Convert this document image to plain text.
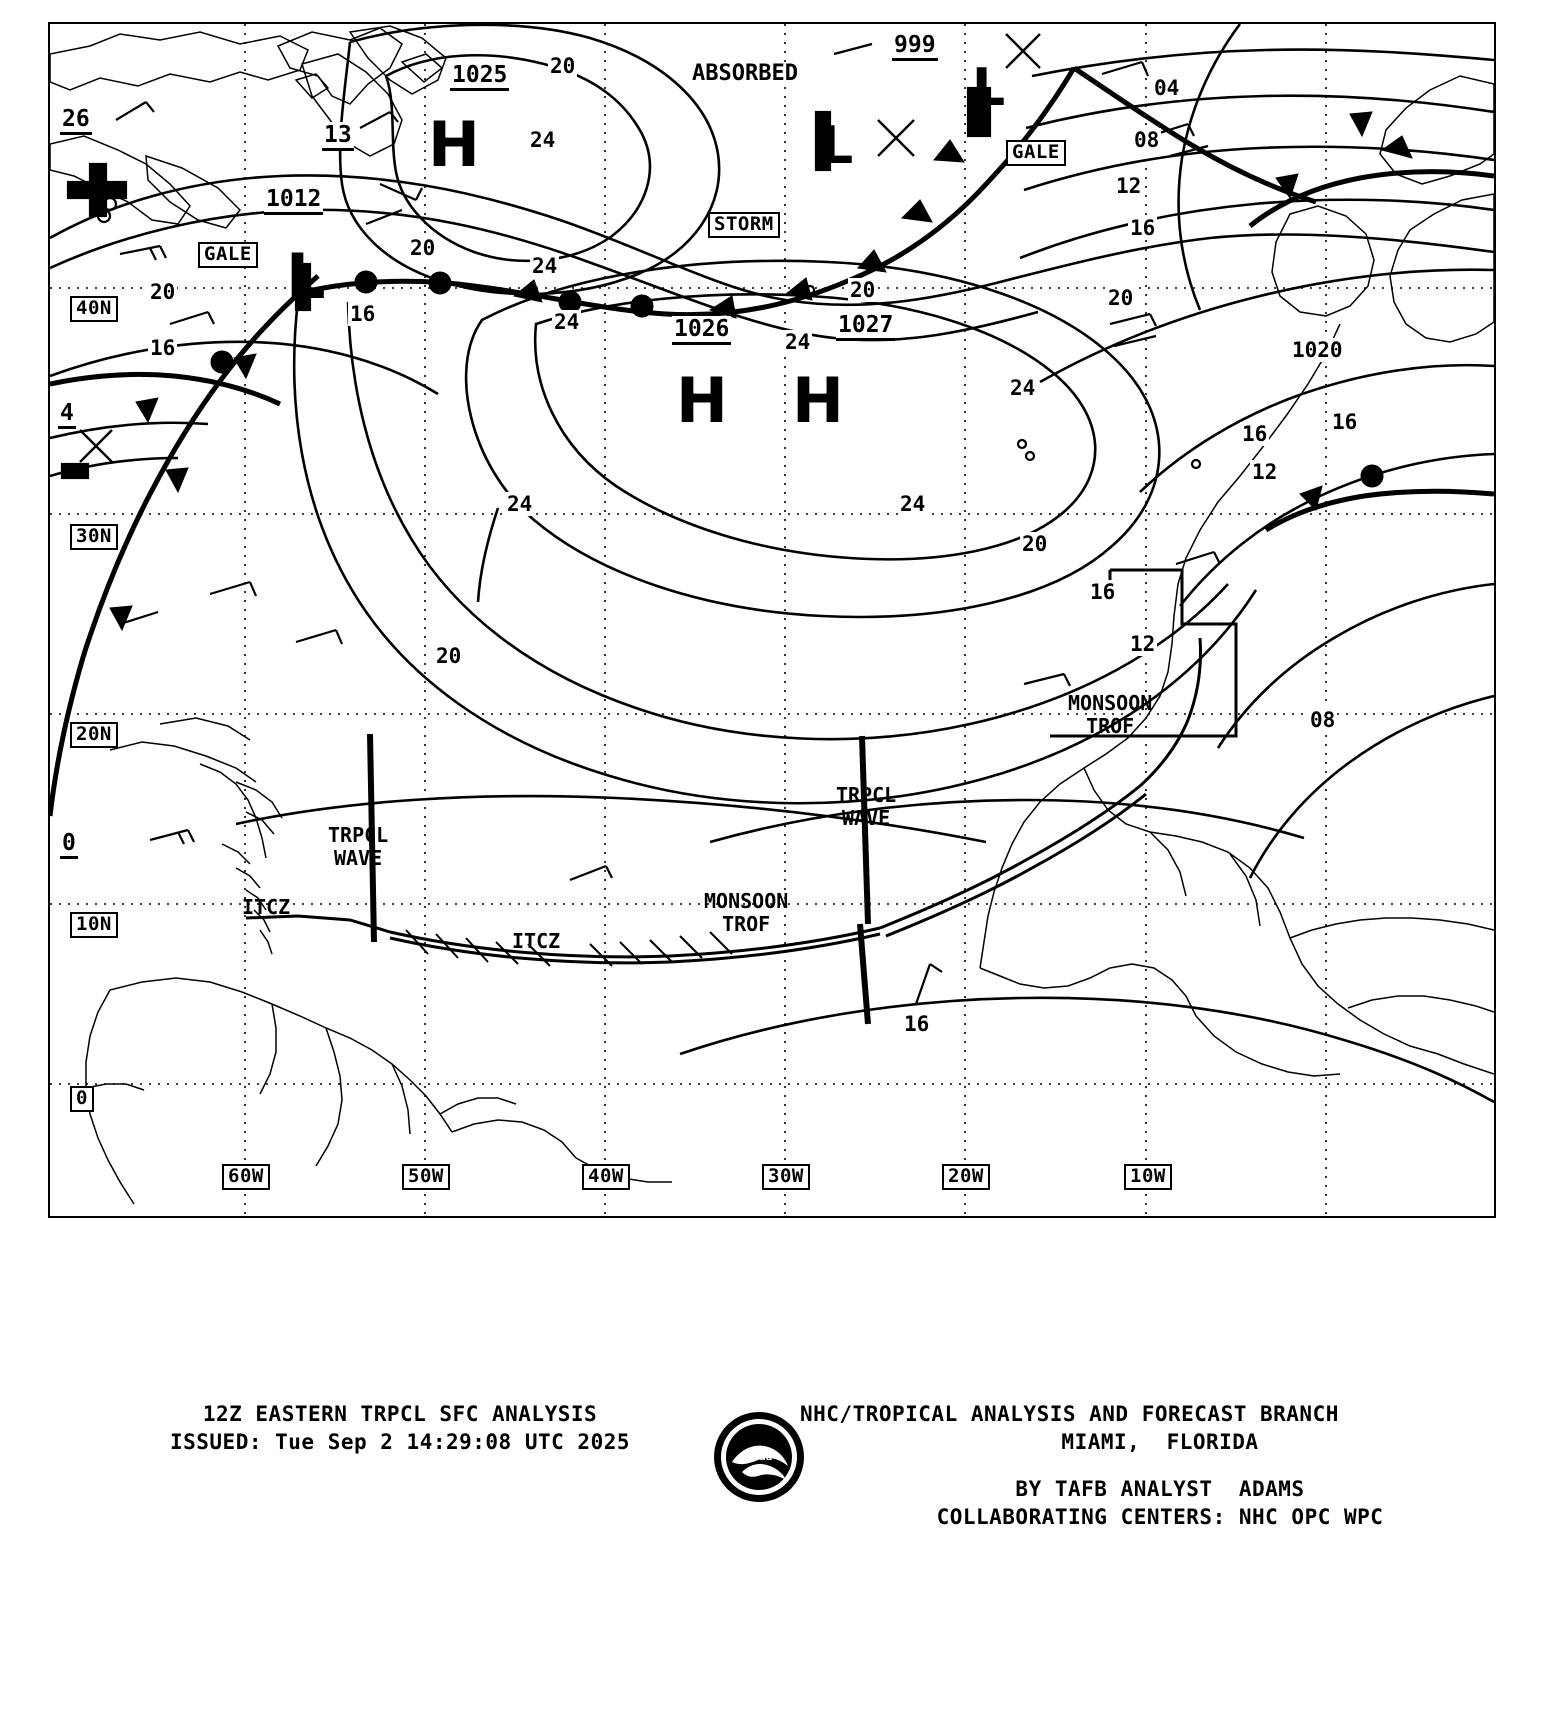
40N
30N
20N
10N
0
60W	50W	40W	30W	20W	10W
GALE
STORM
GALE
ABSORBED
H
H H
L
L
L
1025
1026	1027
1012
999
13
26
4
0
20
24
24
20
24
24
24
24	24
20
20	20
20
16
16
20
16
12
08
04
16
12
16
12
08
16
1020
16
TRPCL
WAVE
TRPCL
WAVE
MONSOON
TROF
MONSOON
TROF
ITCZ
ITCZ
12Z EASTERN TRPCL SFC ANALYSIS
ISSUED: Tue Sep 2 14:29:08 UTC 2025
noaa
NHC/TROPICAL ANALYSIS AND FORECAST BRANCH
MIAMI,  FLORIDA
BY TAFB ANALYST  ADAMS
COLLABORATING CENTERS: NHC OPC WPC
